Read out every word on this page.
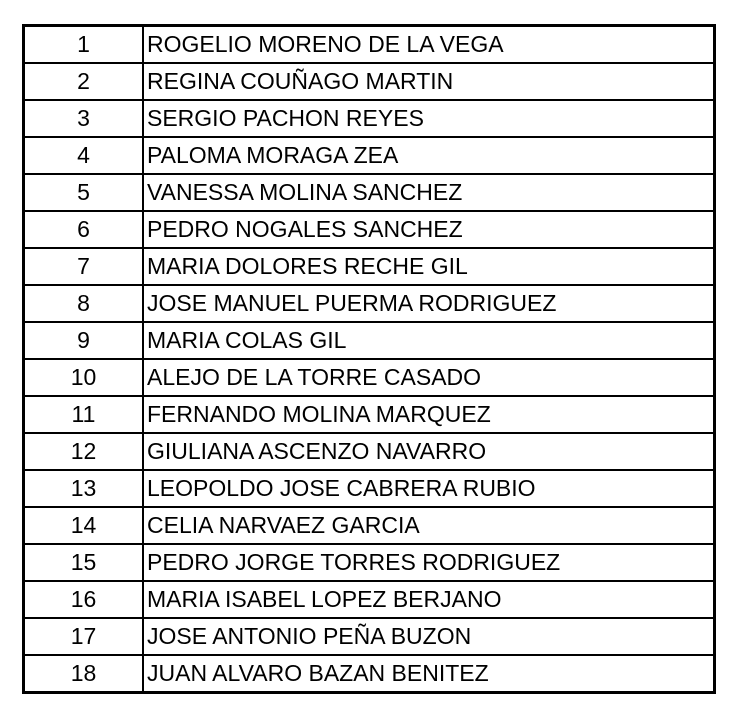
1	ROGELIO MORENO DE LA VEGA
2	REGINA COUÑAGO MARTIN
3	SERGIO PACHON REYES
4	PALOMA MORAGA ZEA
5	VANESSA MOLINA SANCHEZ
6	PEDRO NOGALES SANCHEZ
7	MARIA DOLORES RECHE GIL
8	JOSE MANUEL PUERMA RODRIGUEZ
9	MARIA COLAS GIL
10	ALEJO DE LA TORRE CASADO
11	FERNANDO MOLINA MARQUEZ
12	GIULIANA ASCENZO NAVARRO
13	LEOPOLDO JOSE CABRERA RUBIO
14	CELIA NARVAEZ GARCIA
15	PEDRO JORGE TORRES RODRIGUEZ
16	MARIA ISABEL LOPEZ BERJANO
17	JOSE ANTONIO PEÑA BUZON
18	JUAN ALVARO BAZAN BENITEZ
